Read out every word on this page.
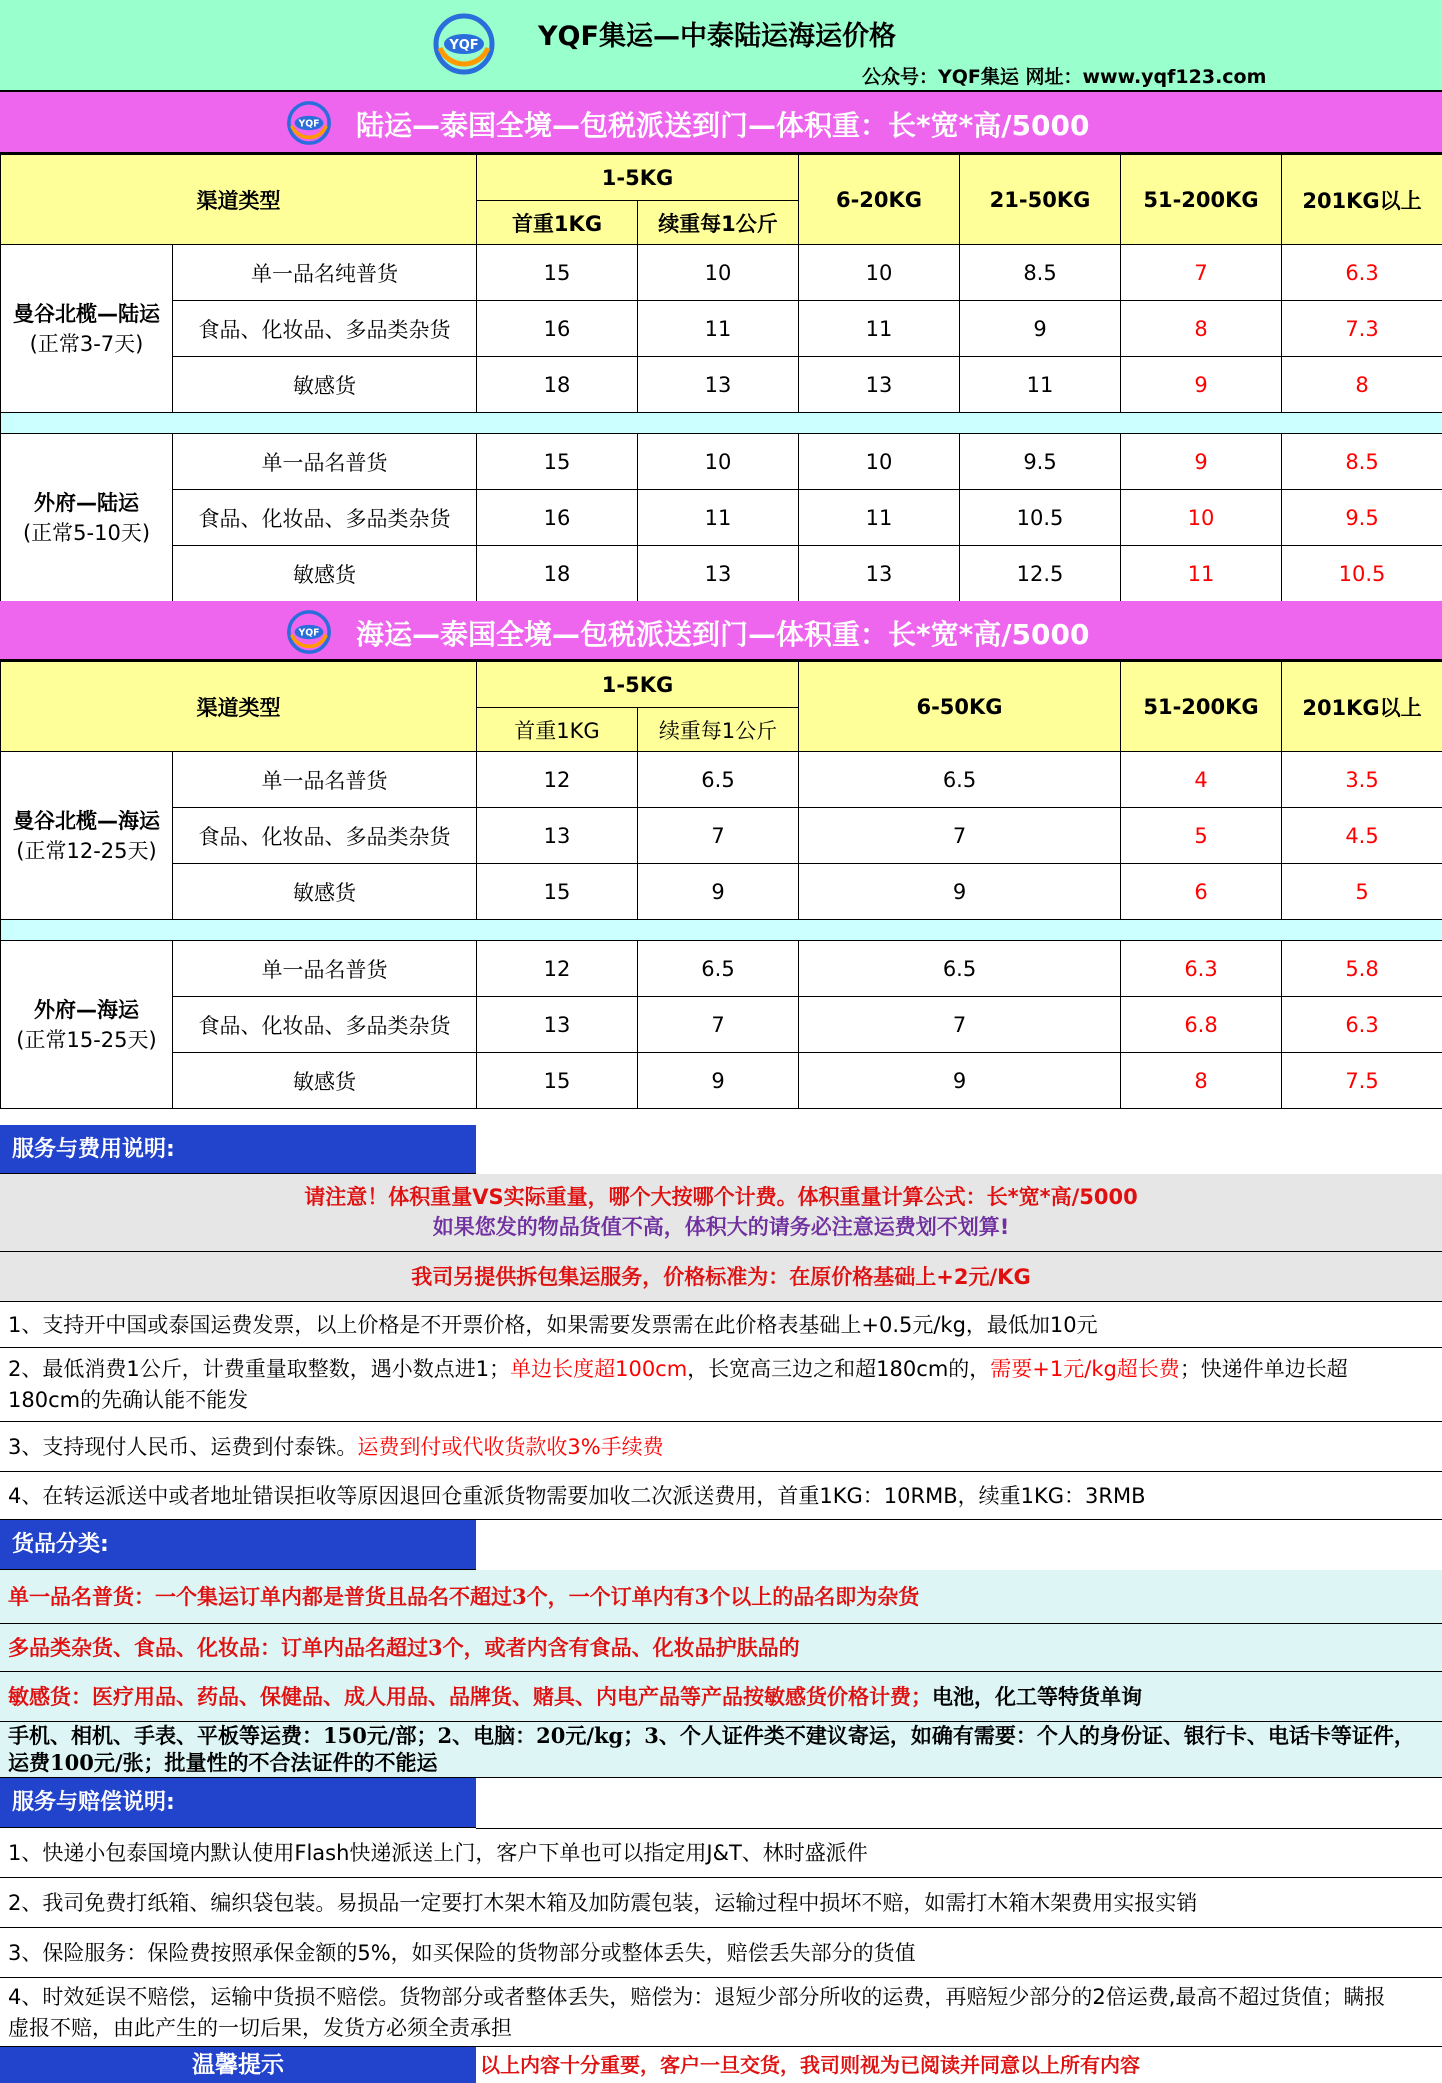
YQF YQF集运—中泰陆运海运价格
公众号：YQF集运 网址：www.yqf123.com
YQF 陆运—泰国全境—包税派送到门—体积重：长*宽*高/5000
渠道类型		1-5KG		6-20KG	21-50KG	51-200KG	201KG以上
		首重1KG	续重每1公斤				

曼谷北榄—陆运
(正常3-7天)	单一品名纯普货	15	10	10	8.5	7	6.3
	食品、化妆品、多品类杂货	16	11	11	9	8	7.3
	敏感货	18	13	13	11	9	8

外府—陆运
(正常5-10天)	单一品名普货	15	10	10	9.5	9	8.5
	食品、化妆品、多品类杂货	16	11	11	10.5	10	9.5
	敏感货	18	13	13	12.5	11	10.5
YQF 海运—泰国全境—包税派送到门—体积重：长*宽*高/5000
渠道类型		1-5KG		6-50KG	51-200KG	201KG以上
		首重1KG	续重每1公斤			

曼谷北榄—海运
(正常12-25天)	单一品名普货	12	6.5	6.5	4	3.5
	食品、化妆品、多品类杂货	13	7	7	5	4.5
	敏感货	15	9	9	6	5

外府—海运
(正常15-25天)	单一品名普货	12	6.5	6.5	6.3	5.8
	食品、化妆品、多品类杂货	13	7	7	6.8	6.3
	敏感货	15	9	9	8	7.5
服务与费用说明:
请注意！体积重量VS实际重量，哪个大按哪个计费。体积重量计算公式：长*宽*高/5000
如果您发的物品货值不高，体积大的请务必注意运费划不划算!
我司另提供拆包集运服务，价格标准为：在原价格基础上+2元/KG
1、支持开中国或泰国运费发票，以上价格是不开票价格，如果需要发票需在此价格表基础上+0.5元/kg，最低加10元
2、最低消费1公斤，计费重量取整数，遇小数点进1；单边长度超100cm，长宽高三边之和超180cm的，需要+1元/kg超长费；快递件单边长超180cm的先确认能不能发
3、支持现付人民币、运费到付泰铢。运费到付或代收货款收3%手续费
4、在转运派送中或者地址错误拒收等原因退回仓重派货物需要加收二次派送费用，首重1KG：10RMB，续重1KG：3RMB
货品分类:
单一品名普货：一个集运订单内都是普货且品名不超过3个，一个订单内有3个以上的品名即为杂货
多品类杂货、食品、化妆品：订单内品名超过3个，或者内含有食品、化妆品护肤品的
敏感货：医疗用品、药品、保健品、成人用品、品牌货、赌具、内电产品等产品按敏感货价格计费；电池，化工等特货单询
手机、相机、手表、平板等运费：150元/部；2、电脑：20元/kg；3、个人证件类不建议寄运，如确有需要：个人的身份证、银行卡、电话卡等证件，运费100元/张；批量性的不合法证件的不能运
服务与赔偿说明:
1、快递小包泰国境内默认使用Flash快递派送上门，客户下单也可以指定用J&T、林时盛派件
2、我司免费打纸箱、编织袋包装。易损品一定要打木架木箱及加防震包装，运输过程中损坏不赔，如需打木箱木架费用实报实销
3、保险服务：保险费按照承保金额的5%，如买保险的货物部分或整体丢失，赔偿丢失部分的货值
4、时效延误不赔偿，运输中货损不赔偿。货物部分或者整体丢失，赔偿为：退短少部分所收的运费，再赔短少部分的2倍运费,最高不超过货值；瞒报虚报不赔，由此产生的一切后果，发货方必须全责承担
温馨提示	以上内容十分重要，客户一旦交货，我司则视为已阅读并同意以上所有内容
